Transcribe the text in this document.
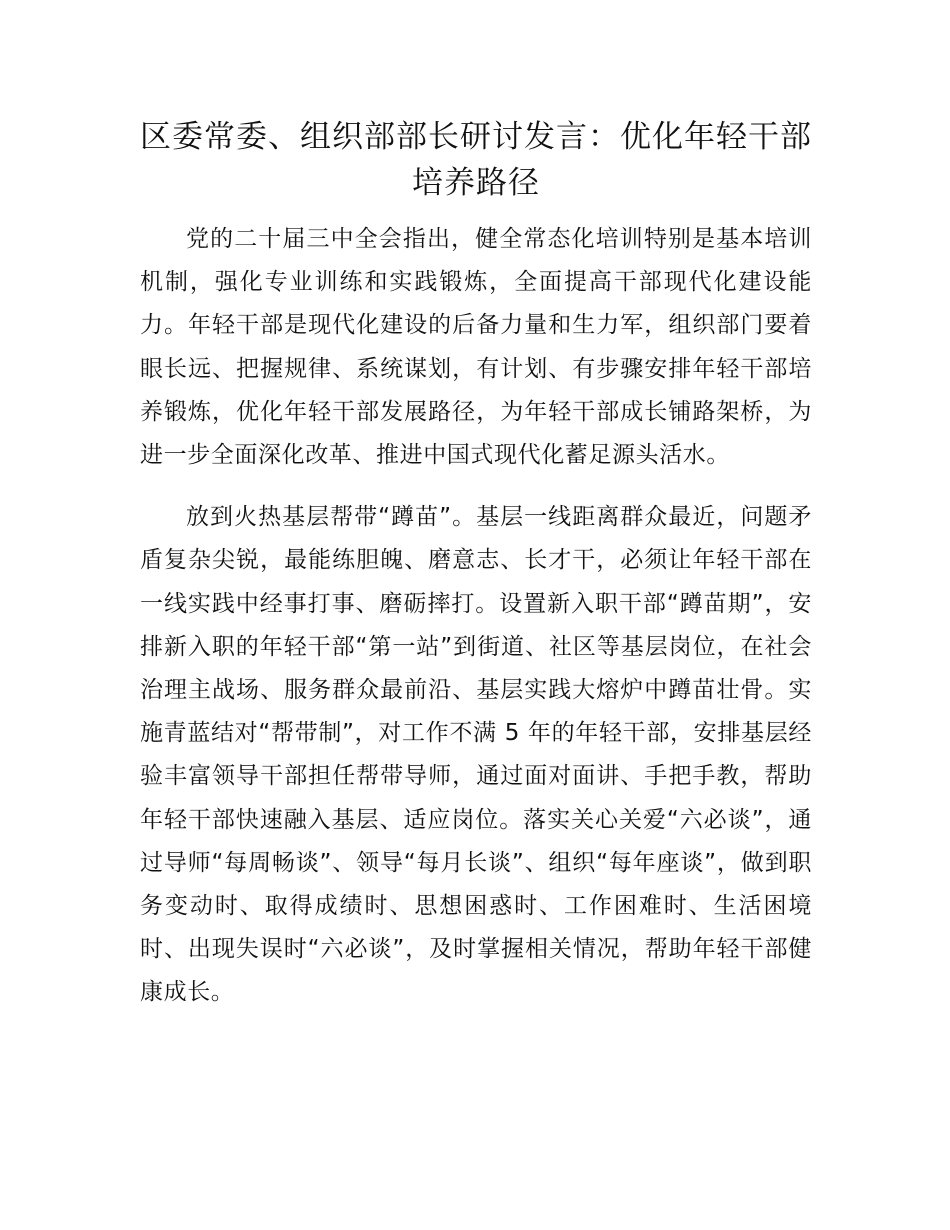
区委常委、组织部部长研讨发言：优化年轻干部培养路径

党的二十届三中全会指出，健全常态化培训特别是基本培训机制，强化专业训练和实践锻炼，全面提高干部现代化建设能力。年轻干部是现代化建设的后备力量和生力军，组织部门要着眼长远、把握规律、系统谋划，有计划、有步骤安排年轻干部培养锻炼，优化年轻干部发展路径，为年轻干部成长铺路架桥，为进一步全面深化改革、推进中国式现代化蓄足源头活水。

放到火热基层帮带“蹲苗”。基层一线距离群众最近，问题矛盾复杂尖锐，最能练胆魄、磨意志、长才干，必须让年轻干部在一线实践中经事打事、磨砺摔打。设置新入职干部“蹲苗期”，安排新入职的年轻干部“第一站”到街道、社区等基层岗位，在社会治理主战场、服务群众最前沿、基层实践大熔炉中蹲苗壮骨。实施青蓝结对“帮带制”，对工作不满 5 年的年轻干部，安排基层经验丰富领导干部担任帮带导师，通过面对面讲、手把手教，帮助年轻干部快速融入基层、适应岗位。落实关心关爱“六必谈”，通过导师“每周畅谈”、领导“每月长谈”、组织“每年座谈”，做到职务变动时、取得成绩时、思想困惑时、工作困难时、生活困境时、出现失误时“六必谈”，及时掌握相关情况，帮助年轻干部健康成长。
